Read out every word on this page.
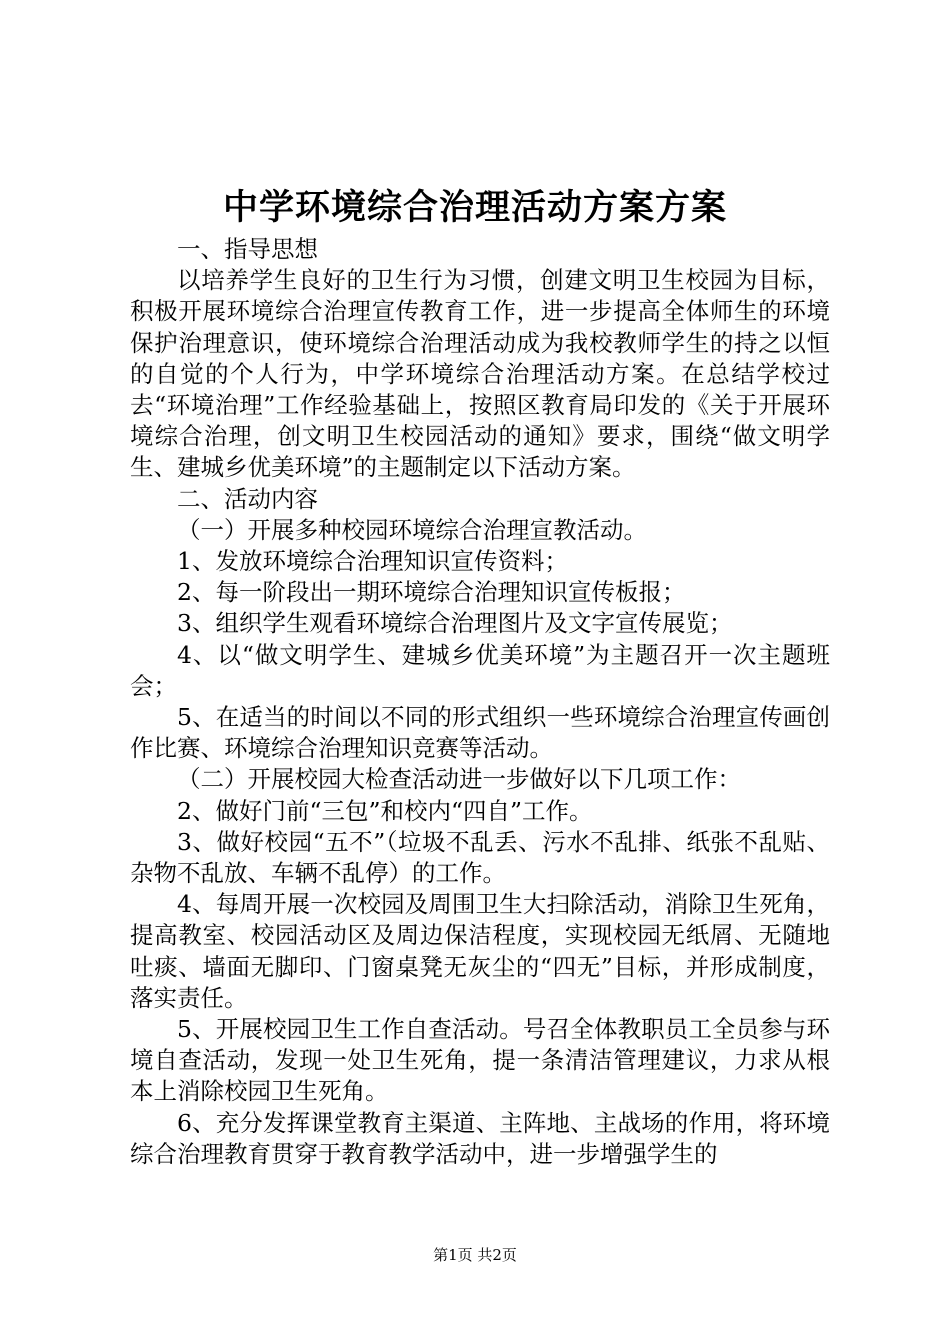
中学环境综合治理活动方案方案

一、指导思想

以培养学生良好的卫生行为习惯，创建文明卫生校园为目标，积极开展环境综合治理宣传教育工作，进一步提高全体师生的环境保护治理意识，使环境综合治理活动成为我校教师学生的持之以恒的自觉的个人行为，中学环境综合治理活动方案。在总结学校过去“环境治理”工作经验基础上，按照区教育局印发的《关于开展环境综合治理，创文明卫生校园活动的通知》要求，围绕“做文明学生、建城乡优美环境”的主题制定以下活动方案。

二、活动内容

（一）开展多种校园环境综合治理宣教活动。

1、发放环境综合治理知识宣传资料；

2、每一阶段出一期环境综合治理知识宣传板报；

3、组织学生观看环境综合治理图片及文字宣传展览；

4、以“做文明学生、建城乡优美环境”为主题召开一次主题班会；

5、在适当的时间以不同的形式组织一些环境综合治理宣传画创作比赛、环境综合治理知识竞赛等活动。

（二）开展校园大检查活动进一步做好以下几项工作：

2、做好门前“三包”和校内“四自”工作。

3、做好校园“五不”（垃圾不乱丢、污水不乱排、纸张不乱贴、杂物不乱放、车辆不乱停）的工作。

4、每周开展一次校园及周围卫生大扫除活动，消除卫生死角，提高教室、校园活动区及周边保洁程度，实现校园无纸屑、无随地吐痰、墙面无脚印、门窗桌凳无灰尘的“四无”目标，并形成制度，落实责任。

5、开展校园卫生工作自查活动。号召全体教职员工全员参与环境自查活动，发现一处卫生死角，提一条清洁管理建议，力求从根本上消除校园卫生死角。

6、充分发挥课堂教育主渠道、主阵地、主战场的作用，将环境综合治理教育贯穿于教育教学活动中，进一步增强学生的

第1页 共2页
